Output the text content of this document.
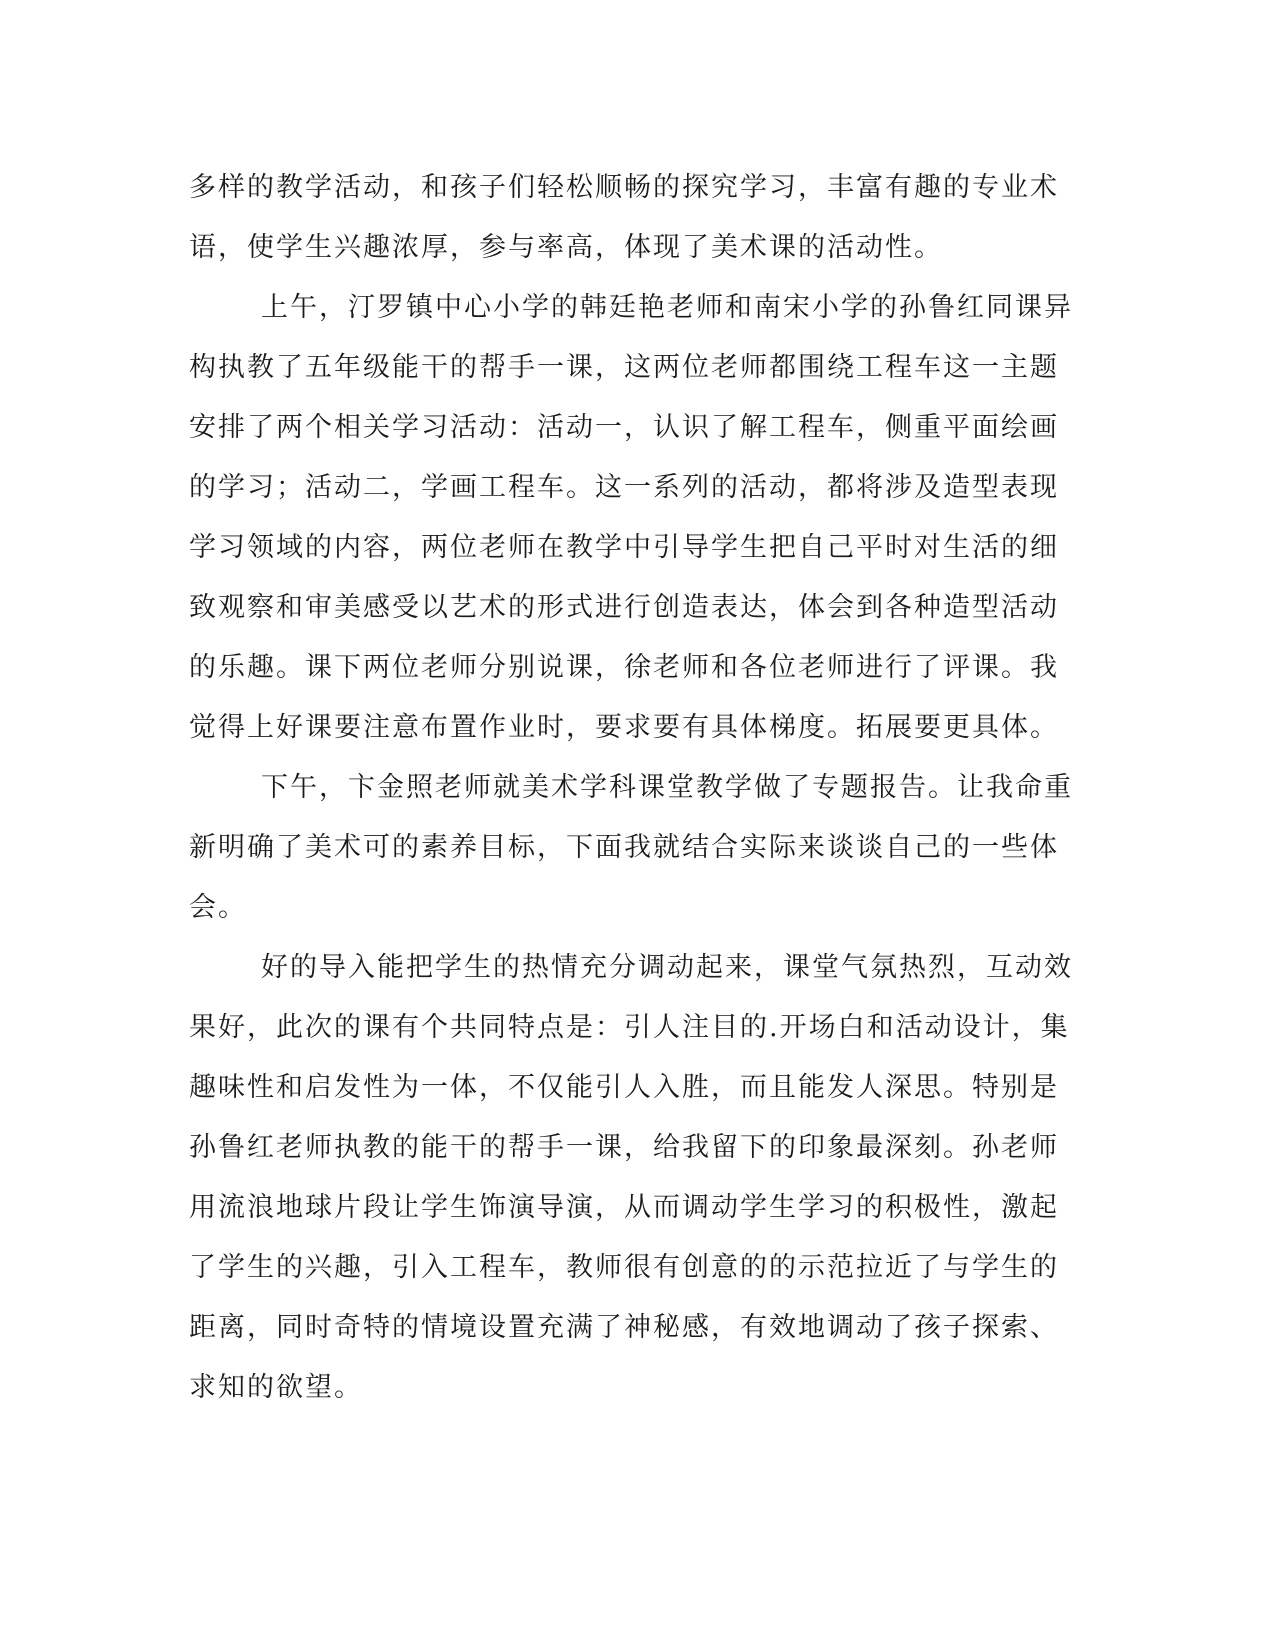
多样的教学活动，和孩子们轻松顺畅的探究学习，丰富有趣的专业术
语，使学生兴趣浓厚，参与率高，体现了美术课的活动性。
上午，汀罗镇中心小学的韩廷艳老师和南宋小学的孙鲁红同课异
构执教了五年级能干的帮手一课，这两位老师都围绕工程车这一主题
安排了两个相关学习活动：活动一，认识了解工程车，侧重平面绘画
的学习；活动二，学画工程车。这一系列的活动，都将涉及造型表现
学习领域的内容，两位老师在教学中引导学生把自己平时对生活的细
致观察和审美感受以艺术的形式进行创造表达，体会到各种造型活动
的乐趣。课下两位老师分别说课，徐老师和各位老师进行了评课。我
觉得上好课要注意布置作业时，要求要有具体梯度。拓展要更具体。
下午，卞金照老师就美术学科课堂教学做了专题报告。让我命重
新明确了美术可的素养目标，下面我就结合实际来谈谈自己的一些体
会。
好的导入能把学生的热情充分调动起来，课堂气氛热烈，互动效
果好，此次的课有个共同特点是：引人注目的.开场白和活动设计，集
趣味性和启发性为一体，不仅能引人入胜，而且能发人深思。特别是
孙鲁红老师执教的能干的帮手一课，给我留下的印象最深刻。孙老师
用流浪地球片段让学生饰演导演，从而调动学生学习的积极性，激起
了学生的兴趣，引入工程车，教师很有创意的的示范拉近了与学生的
距离，同时奇特的情境设置充满了神秘感，有效地调动了孩子探索、
求知的欲望。
